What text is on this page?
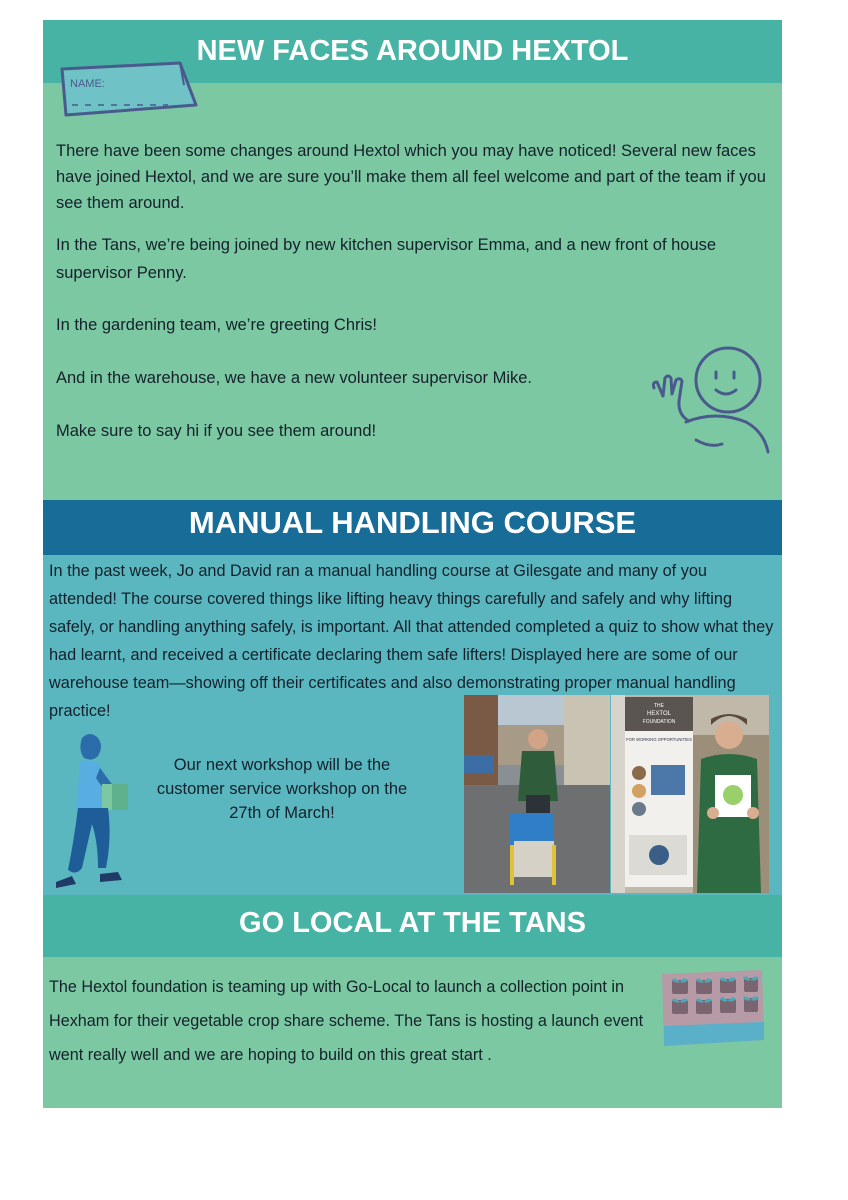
NEW FACES AROUND HEXTOL
NAME:
There have been some changes around Hextol which you may have noticed! Several new faces have joined Hextol, and we are sure you’ll make them all feel welcome and part of the team if you see them around.
In the Tans, we’re being joined by new kitchen supervisor Emma, and a new front of house supervisor Penny.
In the gardening team, we’re greeting Chris!
And in the warehouse, we have a new volunteer supervisor Mike.
Make sure to say hi if you see them around!
MANUAL HANDLING COURSE
In the past week, Jo and David ran a manual handling course at Gilesgate and many of you attended! The course covered things like lifting heavy things carefully and safely and why lifting safely, or handling anything safely, is important. All that attended completed a quiz to show what they had learnt, and received a certificate declaring them safe lifters! Displayed here are some of our warehouse team—showing off their certificates and also demonstrating proper manual handling practice!
Our next workshop will be the customer service workshop on the 27th of March!
THE
HEXTOL
FOUNDATION
FOR WORKING OPPORTUNITIES
GO LOCAL AT THE TANS
The Hextol foundation is teaming up with Go-Local to launch a collection point in Hexham for their vegetable crop share scheme. The Tans is hosting a launch event went really well and we are hoping to build on this great start .
